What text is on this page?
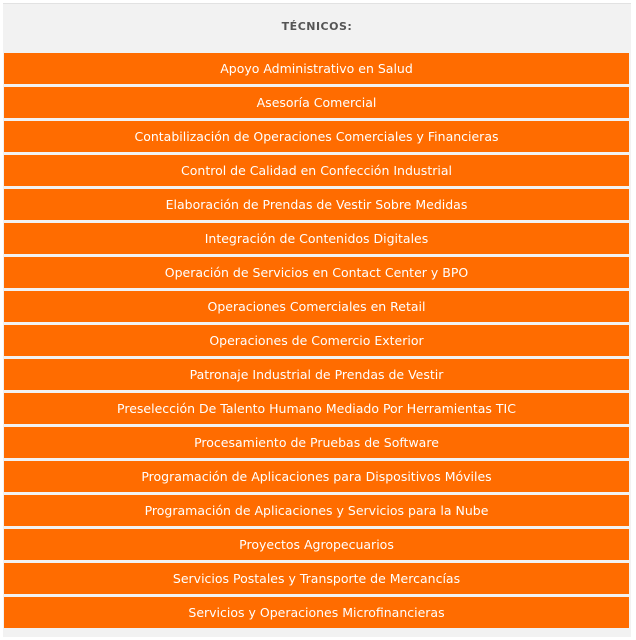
TÉCNICOS:
Apoyo Administrativo en Salud
Asesoría Comercial
Contabilización de Operaciones Comerciales y Financieras
Control de Calidad en Confección Industrial
Elaboración de Prendas de Vestir Sobre Medidas
Integración de Contenidos Digitales
Operación de Servicios en Contact Center y BPO
Operaciones Comerciales en Retail
Operaciones de Comercio Exterior
Patronaje Industrial de Prendas de Vestir
Preselección De Talento Humano Mediado Por Herramientas TIC
Procesamiento de Pruebas de Software
Programación de Aplicaciones para Dispositivos Móviles
Programación de Aplicaciones y Servicios para la Nube
Proyectos Agropecuarios
Servicios Postales y Transporte de Mercancías
Servicios y Operaciones Microfinancieras
